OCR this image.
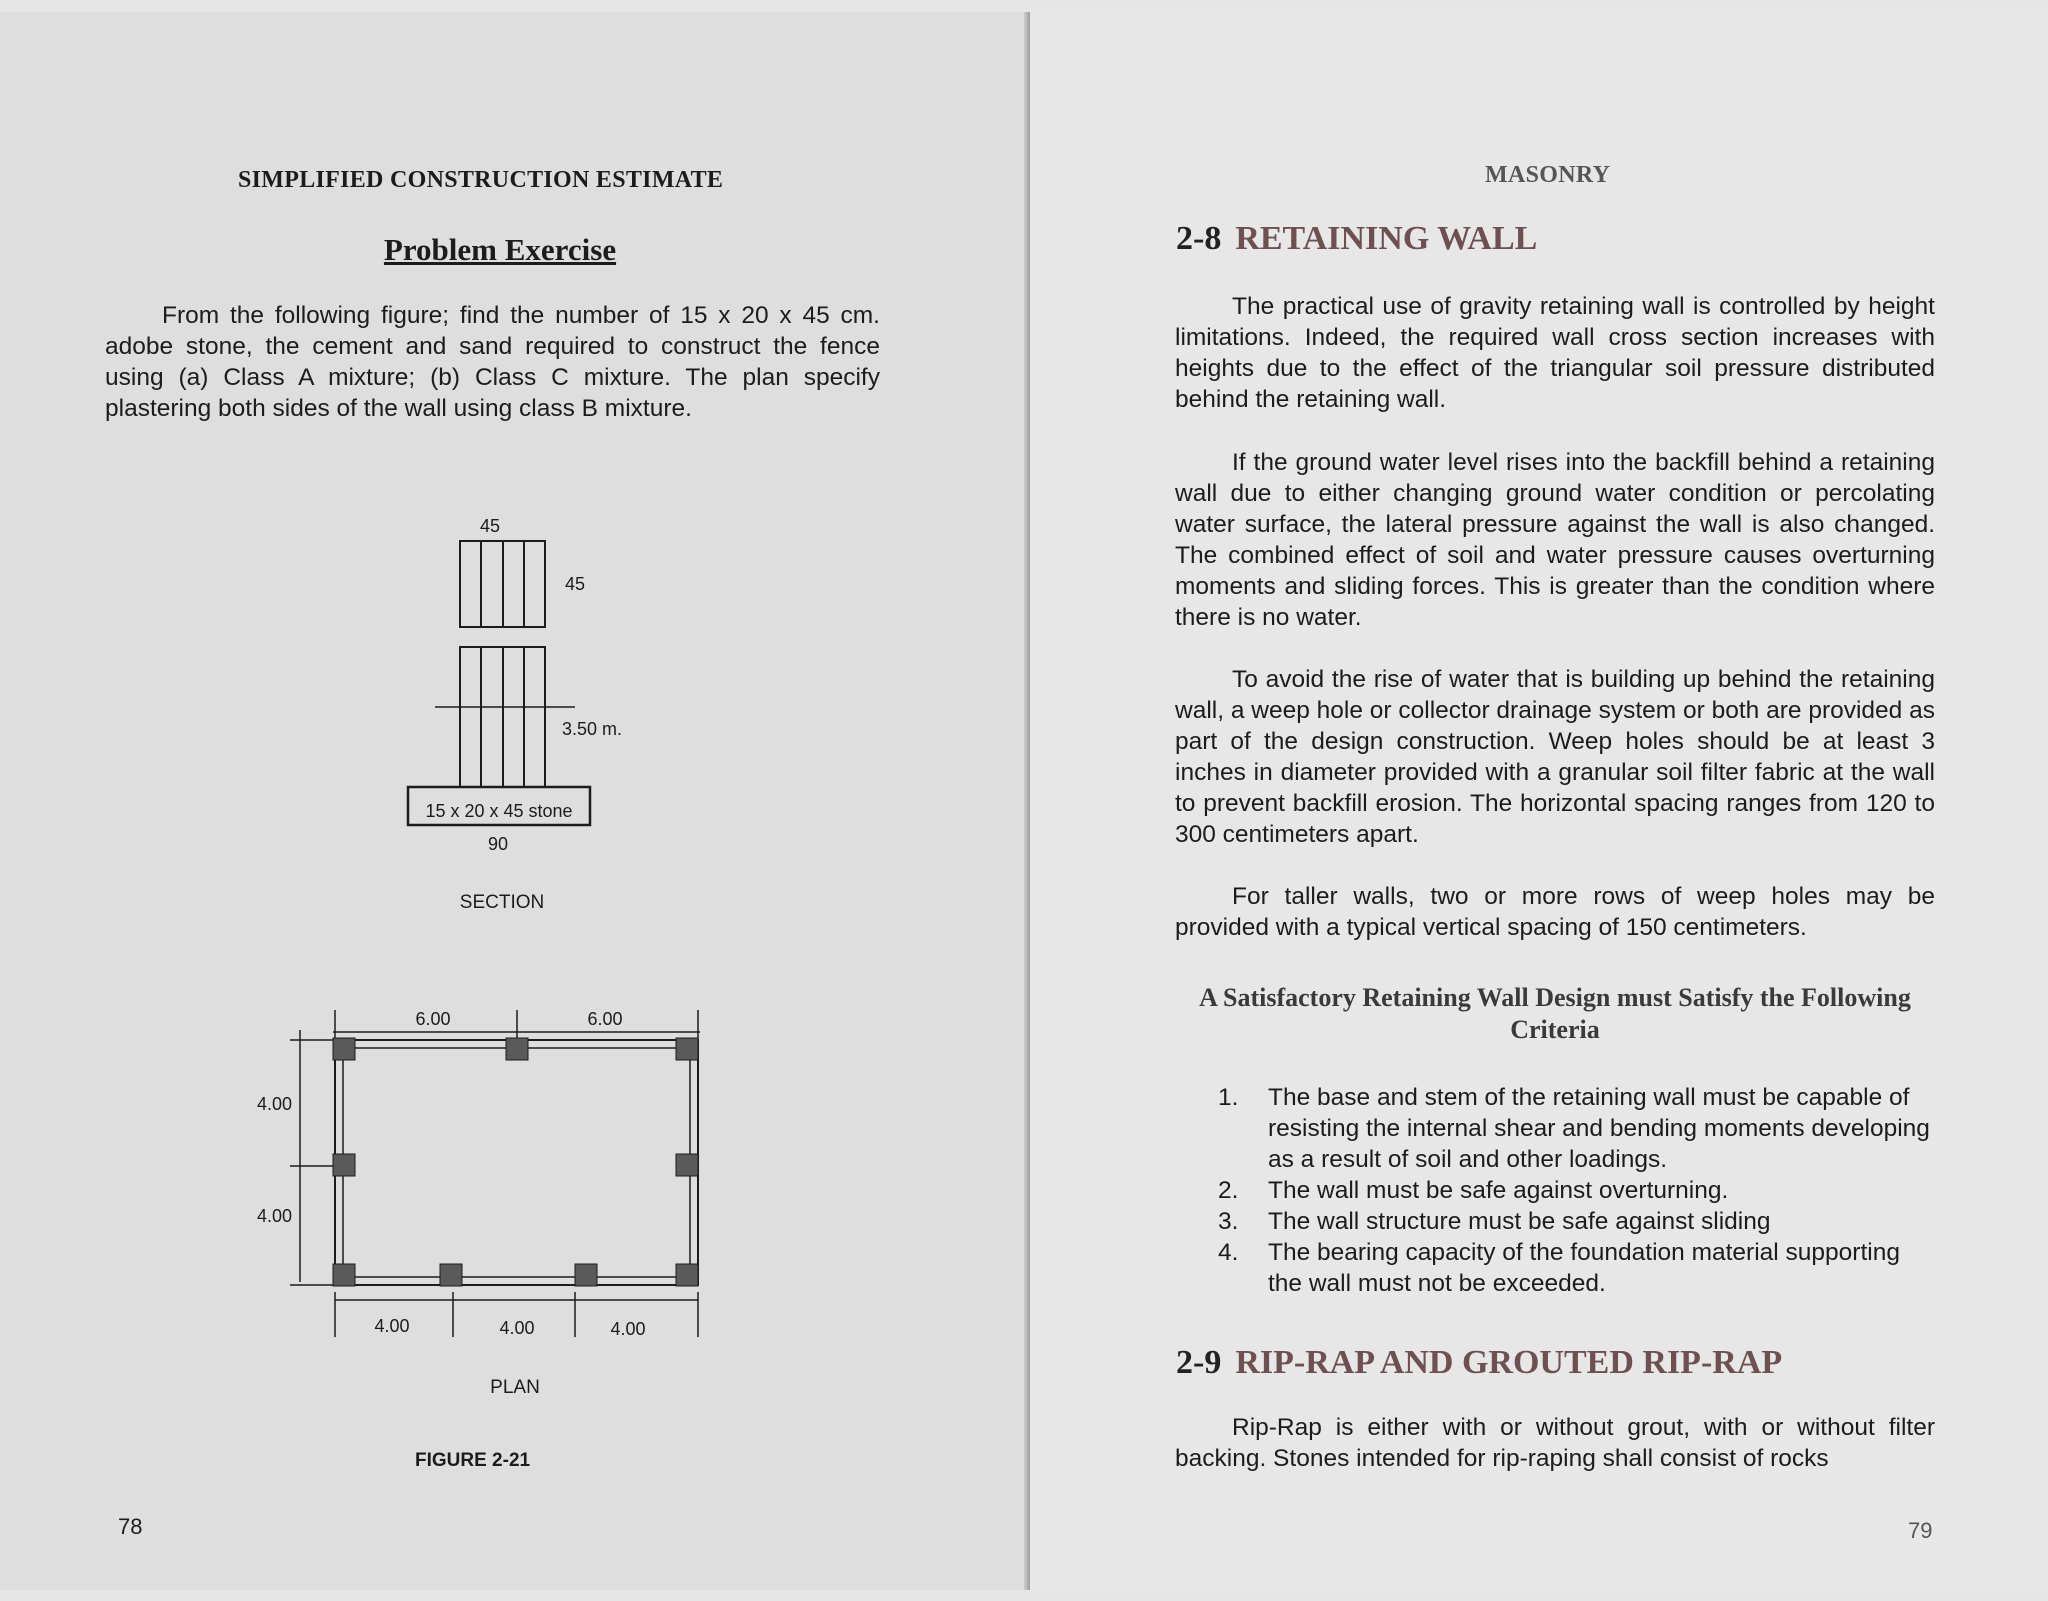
SIMPLIFIED CONSTRUCTION ESTIMATE
Problem Exercise

From the following figure; find the number of 15 x 20 x 45 cm. adobe stone, the cement and sand required to construct the fence using (a) Class A mixture; (b) Class C mixture. The plan specify plastering both sides of the wall using class B mixture.

45
45
3.50 m.
15 x 20 x 45 stone
90
SECTION
6.00	6.00
4.00
4.00
4.00	4.00	4.00
PLAN
FIGURE 2-21
78
MASONRY
2-8 RETAINING WALL

The practical use of gravity retaining wall is controlled by height limitations. Indeed, the required wall cross section increases with heights due to the effect of the triangular soil pressure distributed behind the retaining wall.

If the ground water level rises into the backfill behind a retaining wall due to either changing ground water condition or percolating water surface, the lateral pressure against the wall is also changed. The combined effect of soil and water pressure causes overturning moments and sliding forces. This is greater than the condition where there is no water.

To avoid the rise of water that is building up behind the retaining wall, a weep hole or collector drainage system or both are provided as part of the design construction. Weep holes should be at least 3 inches in diameter provided with a granular soil filter fabric at the wall to prevent backfill erosion. The horizontal spacing ranges from 120 to 300 centimeters apart.

For taller walls, two or more rows of weep holes may be provided with a typical vertical spacing of 150 centimeters.

A Satisfactory Retaining Wall Design must Satisfy the Following Criteria
1. The base and stem of the retaining wall must be capable of resisting the internal shear and bending moments developing as a result of soil and other loadings.
2. The wall must be safe against overturning.
3. The wall structure must be safe against sliding
4. The bearing capacity of the foundation material supporting the wall must not be exceeded.
2-9 RIP-RAP AND GROUTED RIP-RAP

Rip-Rap is either with or without grout, with or without filter backing. Stones intended for rip-raping shall consist of rocks

79
